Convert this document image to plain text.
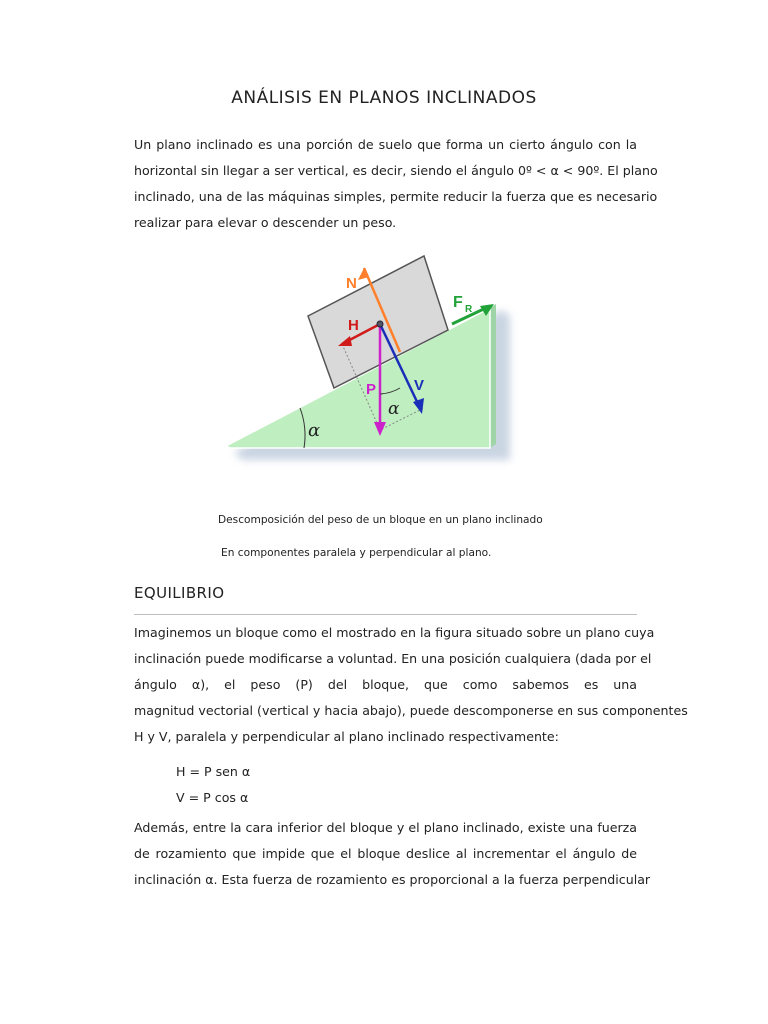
ANÁLISIS EN PLANOS INCLINADOS
Un plano inclinado es una porción de suelo que forma un cierto ángulo con la
horizontal sin llegar a ser vertical, es decir, siendo el ángulo 0º < α < 90º. El plano
inclinado, una de las máquinas simples, permite reducir la fuerza que es necesario
realizar para elevar o descender un peso.
α
N
F R
H
P	V
α
Descomposición del peso de un bloque en un plano inclinado
En componentes paralela y perpendicular al plano.
EQUILIBRIO
Imaginemos un bloque como el mostrado en la figura situado sobre un plano cuya
inclinación puede modificarse a voluntad. En una posición cualquiera (dada por el
ángulo α), el peso (P) del bloque, que como sabemos es una
magnitud vectorial (vertical y hacia abajo), puede descomponerse en sus componentes
H y V, paralela y perpendicular al plano inclinado respectivamente:
H = P sen α
V = P cos α
Además, entre la cara inferior del bloque y el plano inclinado, existe una fuerza
de rozamiento que impide que el bloque deslice al incrementar el ángulo de
inclinación α. Esta fuerza de rozamiento es proporcional a la fuerza perpendicular
